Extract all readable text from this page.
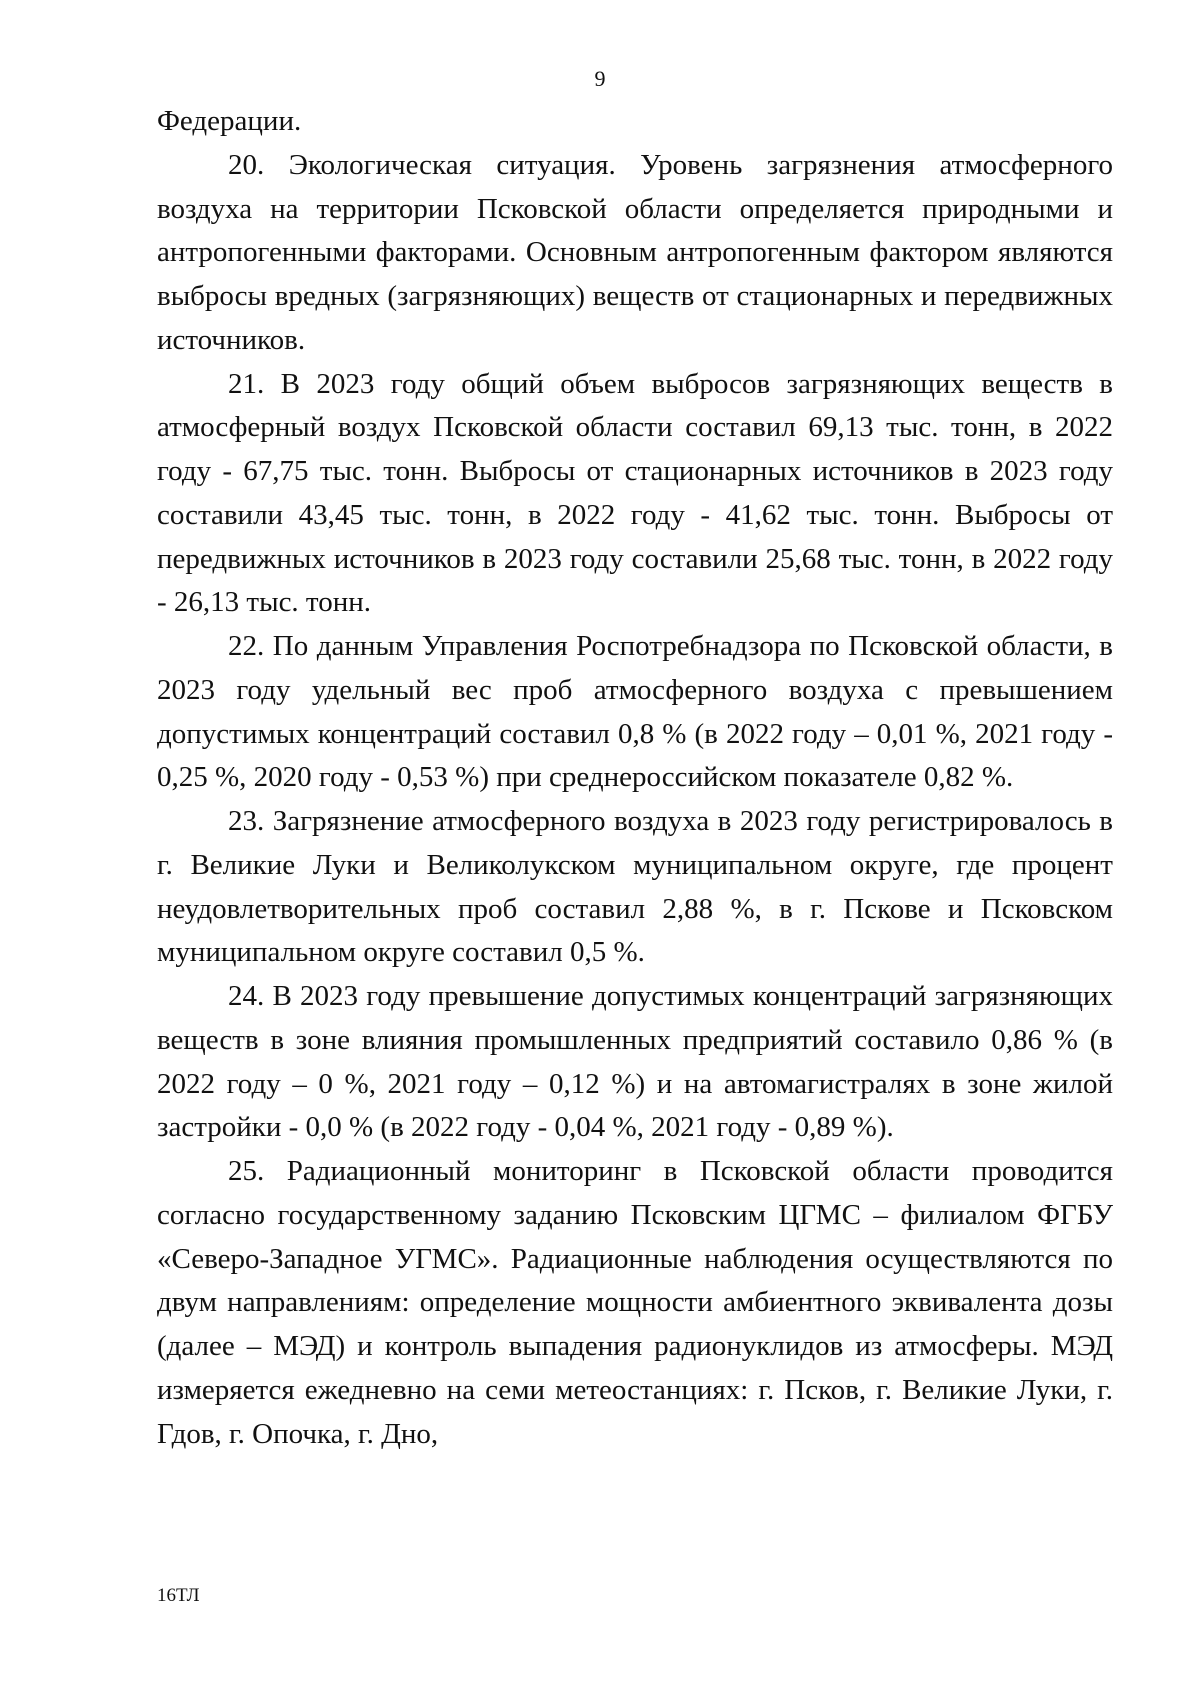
9

Федерации.

20. Экологическая ситуация. Уровень загрязнения атмосферного воздуха на территории Псковской области определяется природными и антропогенными факторами. Основным антропогенным фактором являются выбросы вредных (загрязняющих) веществ от стационарных и передвижных источников.

21. В 2023 году общий объем выбросов загрязняющих веществ в атмосферный воздух Псковской области составил 69,13 тыс. тонн, в 2022 году - 67,75 тыс. тонн. Выбросы от стационарных источников в 2023 году составили 43,45 тыс. тонн, в 2022 году - 41,62 тыс. тонн. Выбросы от передвижных источников в 2023 году составили 25,68 тыс. тонн, в 2022 году - 26,13 тыс. тонн.

22. По данным Управления Роспотребнадзора по Псковской области, в 2023 году удельный вес проб атмосферного воздуха с превышением допустимых концентраций составил 0,8 % (в 2022 году – 0,01 %, 2021 году - 0,25 %, 2020 году - 0,53 %) при среднероссийском показателе 0,82 %.

23. Загрязнение атмосферного воздуха в 2023 году регистрировалось в г. Великие Луки и Великолукском муниципальном округе, где процент неудовлетворительных проб составил 2,88 %, в г. Пскове и Псковском муниципальном округе составил 0,5 %.

24. В 2023 году превышение допустимых концентраций загрязняющих веществ в зоне влияния промышленных предприятий составило 0,86 % (в 2022 году – 0 %, 2021 году – 0,12 %) и на автомагистралях в зоне жилой застройки - 0,0 % (в 2022 году - 0,04 %, 2021 году - 0,89 %).

25. Радиационный мониторинг в Псковской области проводится согласно государственному заданию Псковским ЦГМС – филиалом ФГБУ «Северо-Западное УГМС». Радиационные наблюдения осуществляются по двум направлениям: определение мощности амбиентного эквивалента дозы (далее – МЭД) и контроль выпадения радионуклидов из атмосферы. МЭД измеряется ежедневно на семи метеостанциях: г. Псков, г. Великие Луки, г. Гдов, г. Опочка, г. Дно,

16ТЛ
